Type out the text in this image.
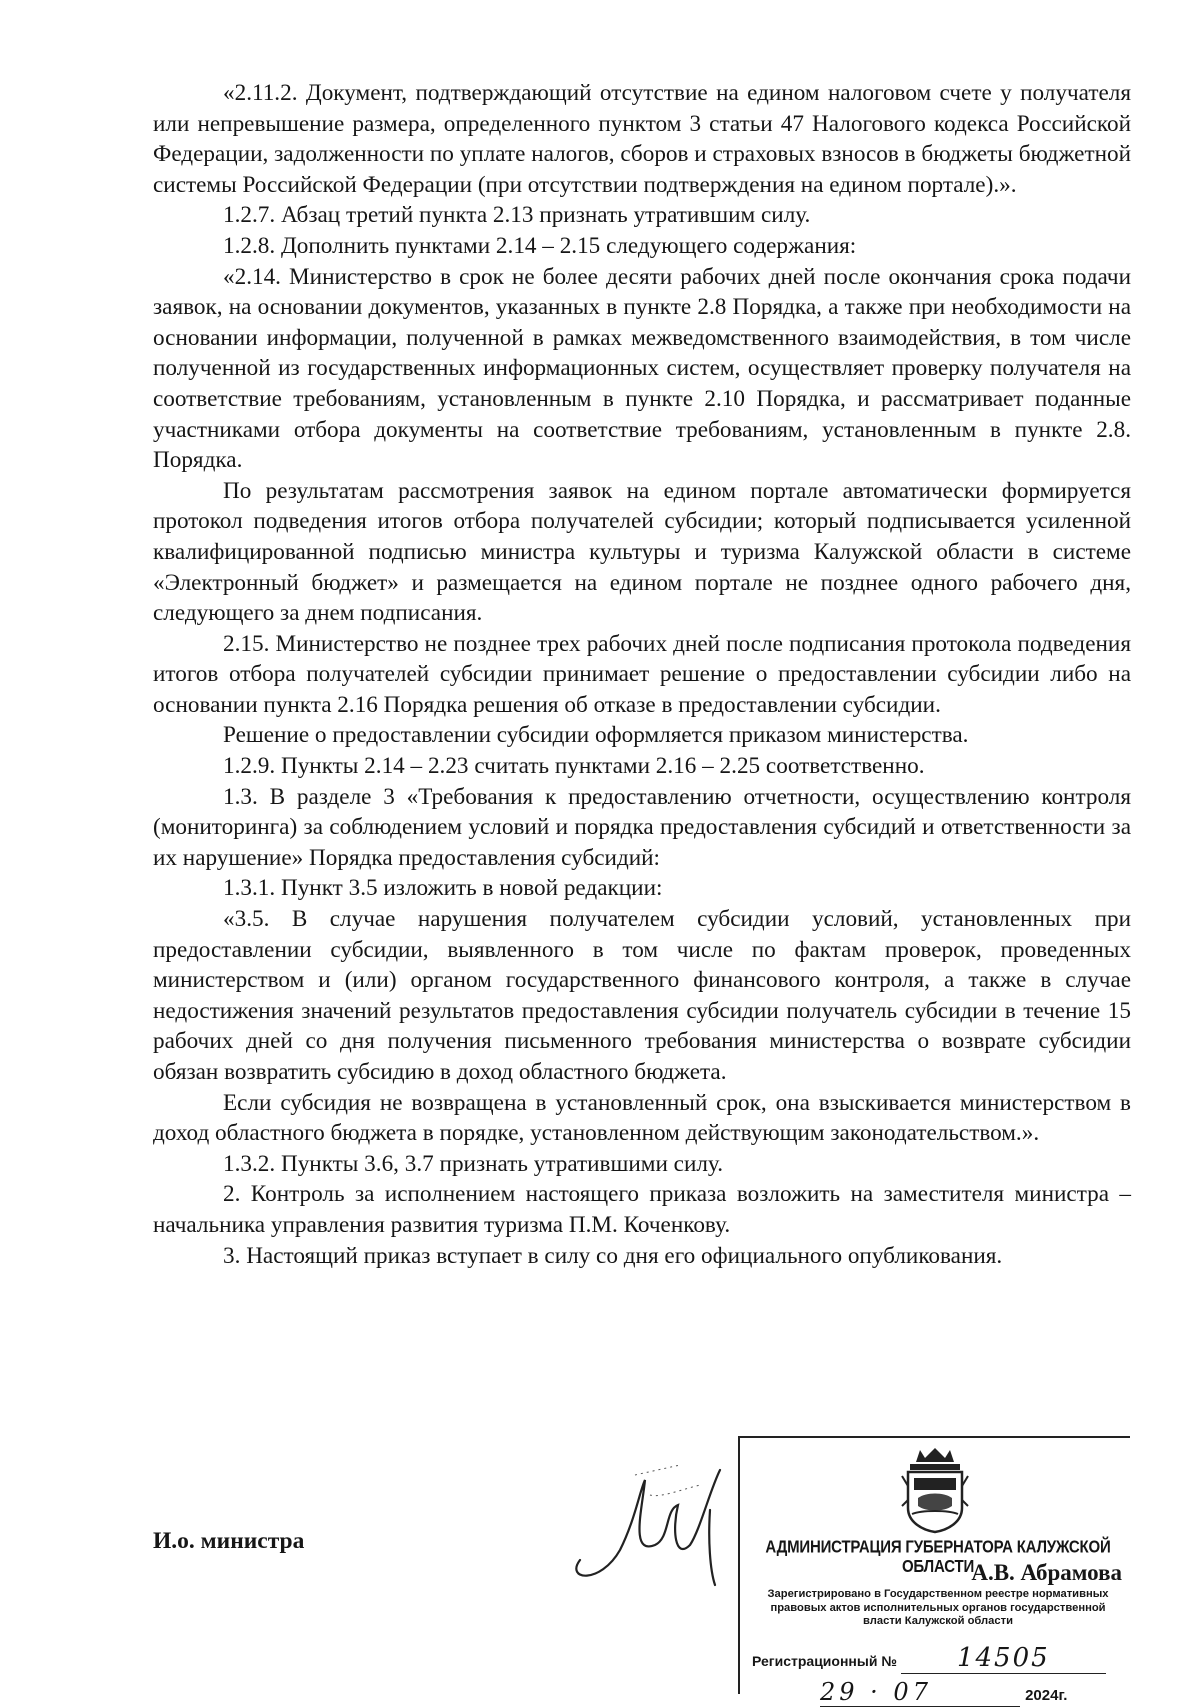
«2.11.2. Документ, подтверждающий отсутствие на едином налоговом счете у получателя или непревышение размера, определенного пунктом 3 статьи 47 Налогового кодекса Российской Федерации, задолженности по уплате налогов, сборов и страховых взносов в бюджеты бюджетной системы Российской Федерации (при отсутствии подтверждения на едином портале).».

1.2.7. Абзац третий пункта 2.13 признать утратившим силу.

1.2.8. Дополнить пунктами 2.14 – 2.15 следующего содержания:

«2.14. Министерство в срок не более десяти рабочих дней после окончания срока подачи заявок, на основании документов, указанных в пункте 2.8 Порядка, а также при необходимости на основании информации, полученной в рамках межведомственного взаимодействия, в том числе полученной из государственных информационных систем, осуществляет проверку получателя на соответствие требованиям, установленным в пункте 2.10 Порядка, и рассматривает поданные участниками отбора документы на соответствие требованиям, установленным в пункте 2.8. Порядка.

По результатам рассмотрения заявок на едином портале автоматически формируется протокол подведения итогов отбора получателей субсидии; который подписывается усиленной квалифицированной подписью министра культуры и туризма Калужской области в системе «Электронный бюджет» и размещается на едином портале не позднее одного рабочего дня, следующего за днем подписания.

2.15. Министерство не позднее трех рабочих дней после подписания протокола подведения итогов отбора получателей субсидии принимает решение о предоставлении субсидии либо на основании пункта 2.16 Порядка решения об отказе в предоставлении субсидии.

Решение о предоставлении субсидии оформляется приказом министерства.

1.2.9. Пункты 2.14 – 2.23 считать пунктами 2.16 – 2.25 соответственно.

1.3. В разделе 3 «Требования к предоставлению отчетности, осуществлению контроля (мониторинга) за соблюдением условий и порядка предоставления субсидий и ответственности за их нарушение» Порядка предоставления субсидий:

1.3.1. Пункт 3.5 изложить в новой редакции:

«3.5. В случае нарушения получателем субсидии условий, установленных при предоставлении субсидии, выявленного в том числе по фактам проверок, проведенных министерством и (или) органом государственного финансового контроля, а также в случае недостижения значений результатов предоставления субсидии получатель субсидии в течение 15 рабочих дней со дня получения письменного требования министерства о возврате субсидии обязан возвратить субсидию в доход областного бюджета.

Если субсидия не возвращена в установленный срок, она взыскивается министерством в доход областного бюджета в порядке, установленном действующим законодательством.».

1.3.2. Пункты 3.6, 3.7 признать утратившими силу.

2. Контроль за исполнением настоящего приказа возложить на заместителя министра – начальника управления развития туризма П.М. Коченкову.

3. Настоящий приказ вступает в силу со дня его официального опубликования.

И.о. министра	АДМИНИСТРАЦИЯ ГУБЕРНАТОРА КАЛУЖСКОЙ ОБЛАСТИ
А.В. Абрамова
Зарегистрировано в Государственном реестре нормативных правовых актов исполнительных органов государственной власти Калужской области
Регистрационный № 14505
29 · 07	2024г.
